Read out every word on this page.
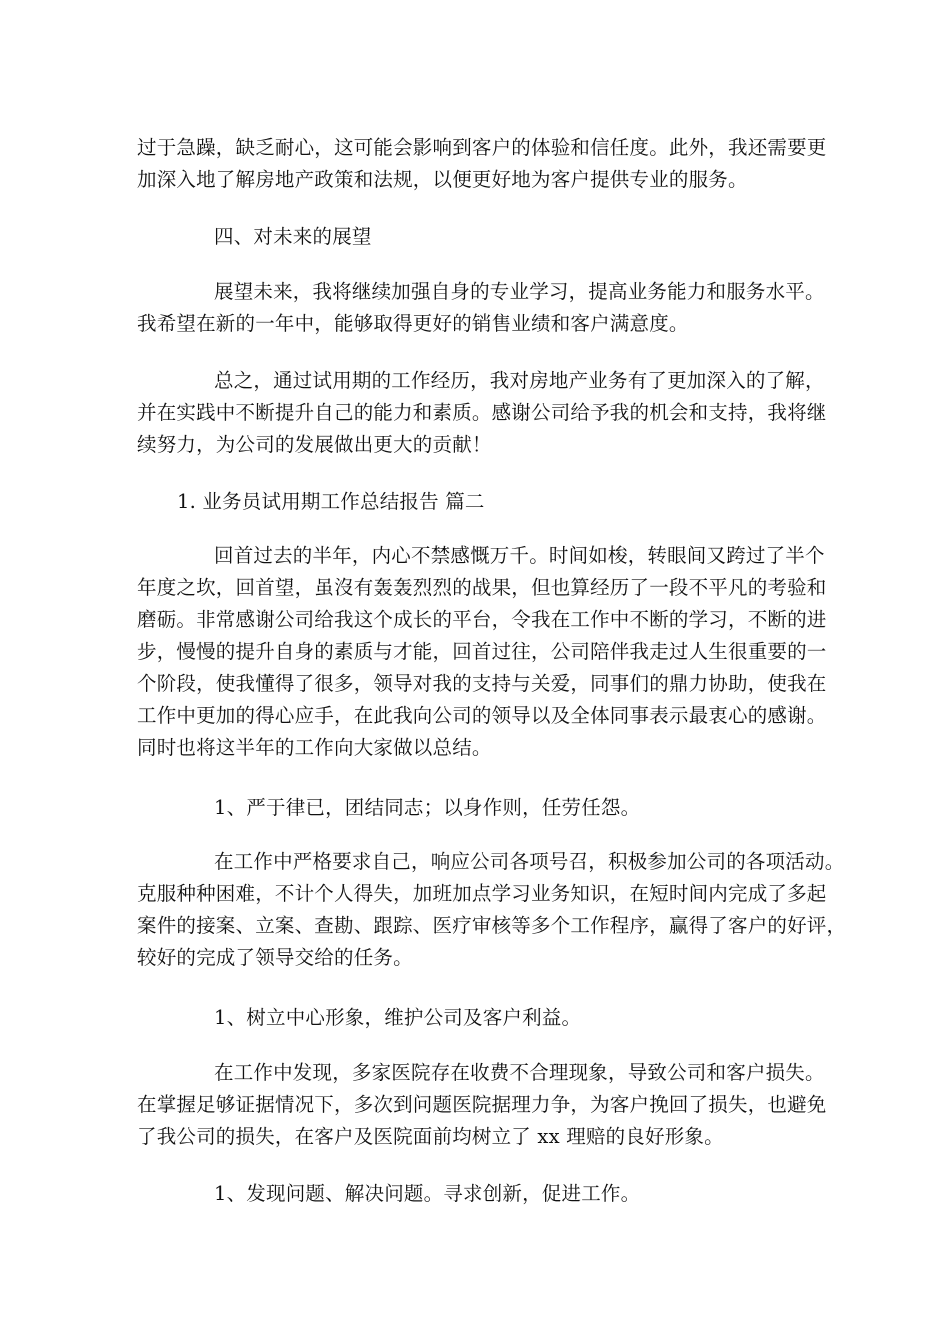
过于急躁，缺乏耐心，这可能会影响到客户的体验和信任度。此外，我还需要更
加深入地了解房地产政策和法规，以便更好地为客户提供专业的服务。
四、对未来的展望
展望未来，我将继续加强自身的专业学习，提高业务能力和服务水平。
我希望在新的一年中，能够取得更好的销售业绩和客户满意度。
总之，通过试用期的工作经历，我对房地产业务有了更加深入的了解，
并在实践中不断提升自己的能力和素质。感谢公司给予我的机会和支持，我将继
续努力，为公司的发展做出更大的贡献！
1. 业务员试用期工作总结报告 篇二
回首过去的半年，内心不禁感慨万千。时间如梭，转眼间又跨过了半个
年度之坎，回首望，虽沒有轰轰烈烈的战果，但也算经历了一段不平凡的考验和
磨砺。非常感谢公司给我这个成长的平台，令我在工作中不断的学习，不断的进
步，慢慢的提升自身的素质与才能，回首过往，公司陪伴我走过人生很重要的一
个阶段，使我懂得了很多，领导对我的支持与关爱，同事们的鼎力协助，使我在
工作中更加的得心应手，在此我向公司的领导以及全体同事表示最衷心的感谢。
同时也将这半年的工作向大家做以总结。
1、严于律已，团结同志；以身作则，任劳任怨。
在工作中严格要求自己，响应公司各项号召，积极参加公司的各项活动。
克服种种困难，不计个人得失，加班加点学习业务知识，在短时间内完成了多起
案件的接案、立案、查勘、跟踪、医疗审核等多个工作程序，赢得了客户的好评，
较好的完成了领导交给的任务。
1、树立中心形象，维护公司及客户利益。
在工作中发现，多家医院存在收费不合理现象，导致公司和客户损失。
在掌握足够证据情况下，多次到问题医院据理力争，为客户挽回了损失，也避免
了我公司的损失，在客户及医院面前均树立了 xx 理赔的良好形象。
1、发现问题、解决问题。寻求创新，促进工作。
